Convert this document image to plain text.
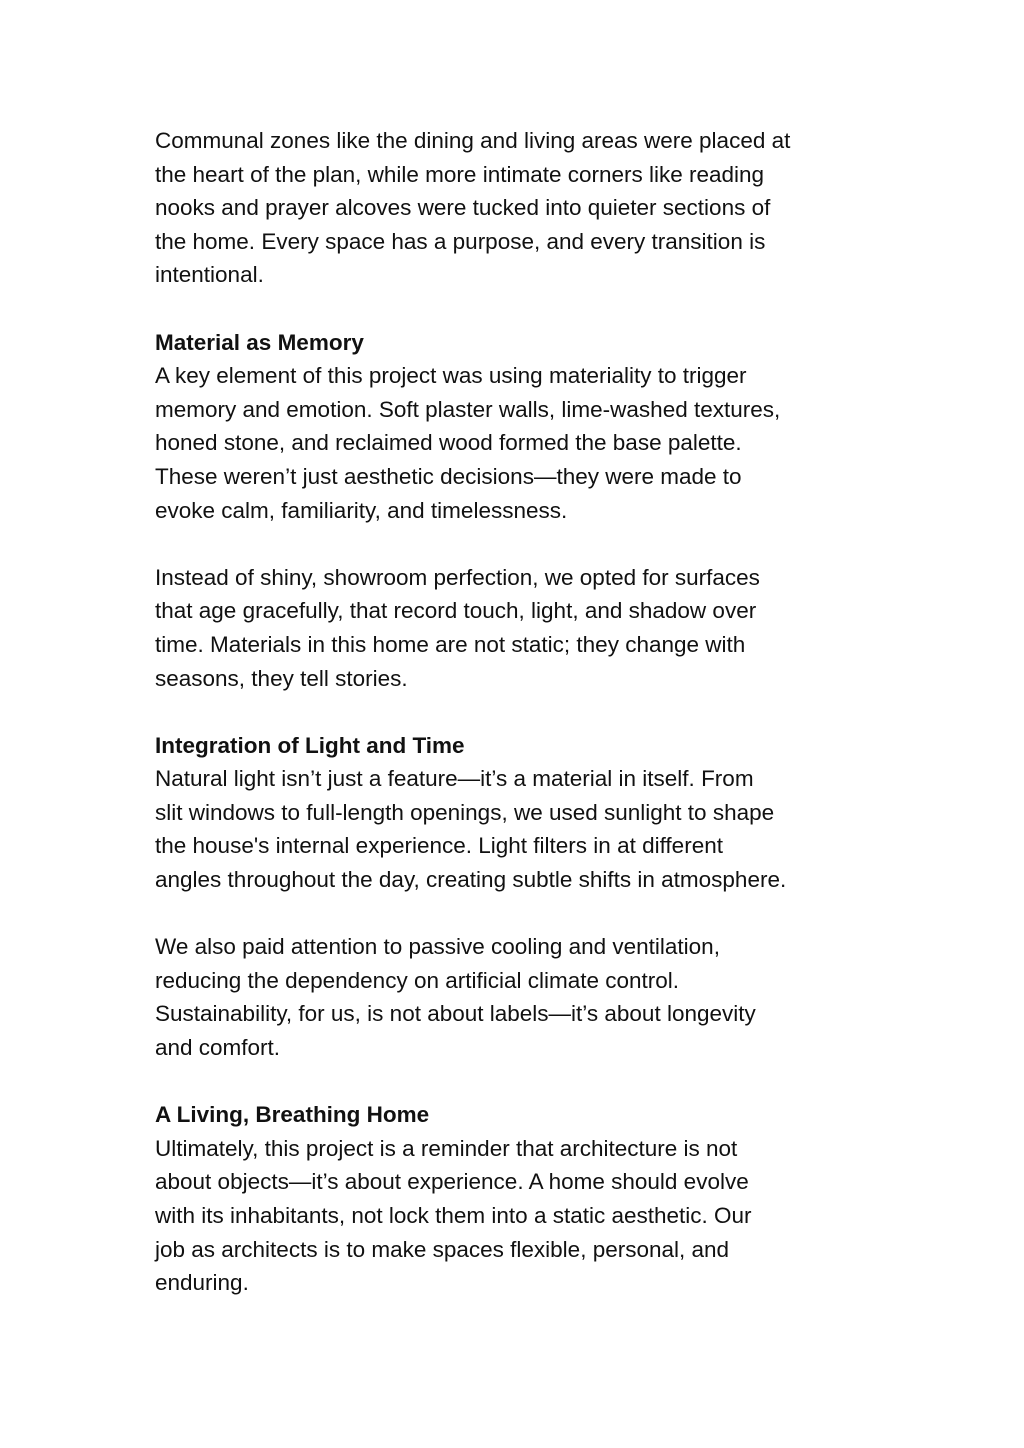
Communal zones like the dining and living areas were placed at
the heart of the plan, while more intimate corners like reading
nooks and prayer alcoves were tucked into quieter sections of
the home. Every space has a purpose, and every transition is
intentional.

Material as Memory

A key element of this project was using materiality to trigger
memory and emotion. Soft plaster walls, lime-washed textures,
honed stone, and reclaimed wood formed the base palette.
These weren’t just aesthetic decisions—they were made to
evoke calm, familiarity, and timelessness.

Instead of shiny, showroom perfection, we opted for surfaces
that age gracefully, that record touch, light, and shadow over
time. Materials in this home are not static; they change with
seasons, they tell stories.

Integration of Light and Time

Natural light isn’t just a feature—it’s a material in itself. From
slit windows to full-length openings, we used sunlight to shape
the house's internal experience. Light filters in at different
angles throughout the day, creating subtle shifts in atmosphere.

We also paid attention to passive cooling and ventilation,
reducing the dependency on artificial climate control.
Sustainability, for us, is not about labels—it’s about longevity
and comfort.

A Living, Breathing Home

Ultimately, this project is a reminder that architecture is not
about objects—it’s about experience. A home should evolve
with its inhabitants, not lock them into a static aesthetic. Our
job as architects is to make spaces flexible, personal, and
enduring.
